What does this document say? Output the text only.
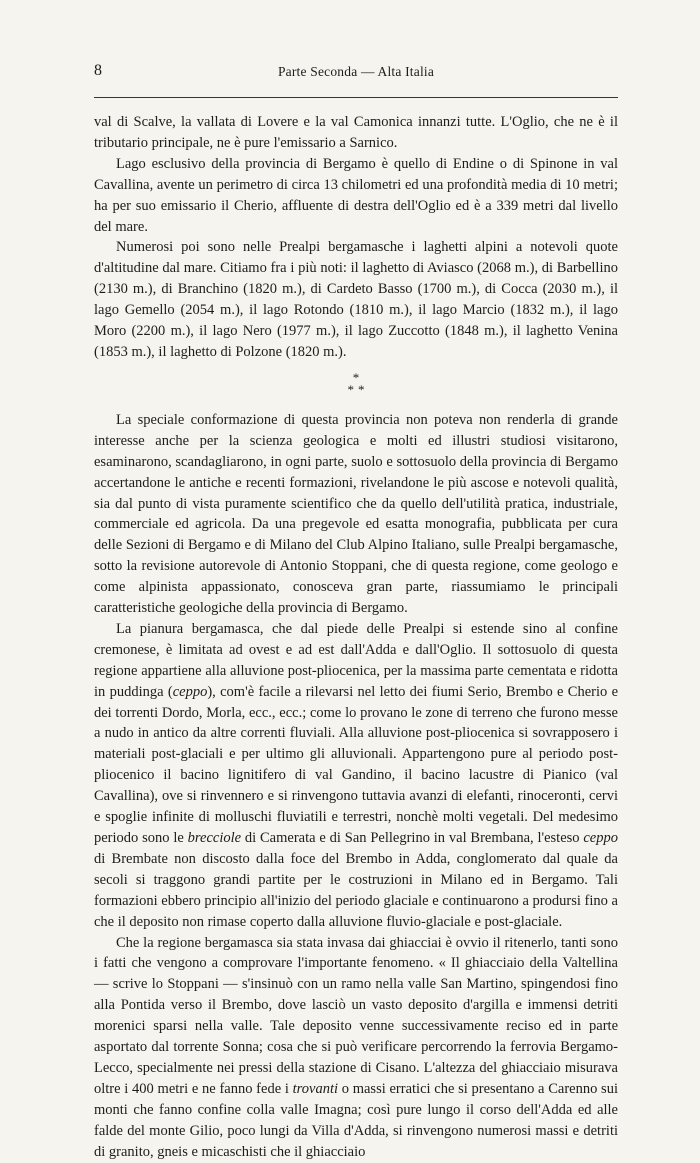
8	Parte Seconda — Alta Italia

val di Scalve, la vallata di Lovere e la val Camonica innanzi tutte. L'Oglio, che ne è il tributario principale, ne è pure l'emissario a Sarnico.

Lago esclusivo della provincia di Bergamo è quello di Endine o di Spinone in val Cavallina, avente un perimetro di circa 13 chilometri ed una profondità media di 10 metri; ha per suo emissario il Cherio, affluente di destra dell'Oglio ed è a 339 metri dal livello del mare.

Numerosi poi sono nelle Prealpi bergamasche i laghetti alpini a notevoli quote d'altitudine dal mare. Citiamo fra i più noti: il laghetto di Aviasco (2068 m.), di Barbellino (2130 m.), di Branchino (1820 m.), di Cardeto Basso (1700 m.), di Cocca (2030 m.), il lago Gemello (2054 m.), il lago Rotondo (1810 m.), il lago Marcio (1832 m.), il lago Moro (2200 m.), il lago Nero (1977 m.), il lago Zuccotto (1848 m.), il laghetto Venina (1853 m.), il laghetto di Polzone (1820 m.).

*
**

La speciale conformazione di questa provincia non poteva non renderla di grande interesse anche per la scienza geologica e molti ed illustri studiosi visitarono, esaminarono, scandagliarono, in ogni parte, suolo e sottosuolo della provincia di Bergamo accertandone le antiche e recenti formazioni, rivelandone le più ascose e notevoli qualità, sia dal punto di vista puramente scientifico che da quello dell'utilità pratica, industriale, commerciale ed agricola. Da una pregevole ed esatta monografia, pubblicata per cura delle Sezioni di Bergamo e di Milano del Club Alpino Italiano, sulle Prealpi bergamasche, sotto la revisione autorevole di Antonio Stoppani, che di questa regione, come geologo e come alpinista appassionato, conosceva gran parte, riassumiamo le principali caratteristiche geologiche della provincia di Bergamo.

La pianura bergamasca, che dal piede delle Prealpi si estende sino al confine cremonese, è limitata ad ovest e ad est dall'Adda e dall'Oglio. Il sottosuolo di questa regione appartiene alla alluvione post-pliocenica, per la massima parte cementata e ridotta in puddinga (ceppo), com'è facile a rilevarsi nel letto dei fiumi Serio, Brembo e Cherio e dei torrenti Dordo, Morla, ecc., ecc.; come lo provano le zone di terreno che furono messe a nudo in antico da altre correnti fluviali. Alla alluvione post-pliocenica si sovrapposero i materiali post-glaciali e per ultimo gli alluvionali. Appartengono pure al periodo post-pliocenico il bacino lignitifero di val Gandino, il bacino lacustre di Pianico (val Cavallina), ove si rinvennero e si rinvengono tuttavia avanzi di elefanti, rinoceronti, cervi e spoglie infinite di molluschi fluviatili e terrestri, nonchè molti vegetali. Del medesimo periodo sono le brecciole di Camerata e di San Pellegrino in val Brembana, l'esteso ceppo di Brembate non discosto dalla foce del Brembo in Adda, conglomerato dal quale da secoli si traggono grandi partite per le costruzioni in Milano ed in Bergamo. Tali formazioni ebbero principio all'inizio del periodo glaciale e continuarono a prodursi fino a che il deposito non rimase coperto dalla alluvione fluvio-glaciale e post-glaciale.

Che la regione bergamasca sia stata invasa dai ghiacciai è ovvio il ritenerlo, tanti sono i fatti che vengono a comprovare l'importante fenomeno. « Il ghiacciaio della Valtellina — scrive lo Stoppani — s'insinuò con un ramo nella valle San Martino, spingendosi fino alla Pontida verso il Brembo, dove lasciò un vasto deposito d'argilla e immensi detriti morenici sparsi nella valle. Tale deposito venne successivamente reciso ed in parte asportato dal torrente Sonna; cosa che si può verificare percorrendo la ferrovia Bergamo-Lecco, specialmente nei pressi della stazione di Cisano. L'altezza del ghiacciaio misurava oltre i 400 metri e ne fanno fede i trovanti o massi erratici che si presentano a Carenno sui monti che fanno confine colla valle Imagna; così pure lungo il corso dell'Adda ed alle falde del monte Gilio, poco lungi da Villa d'Adda, si rinvengono numerosi massi e detriti di granito, gneis e micaschisti che il ghiacciaio
